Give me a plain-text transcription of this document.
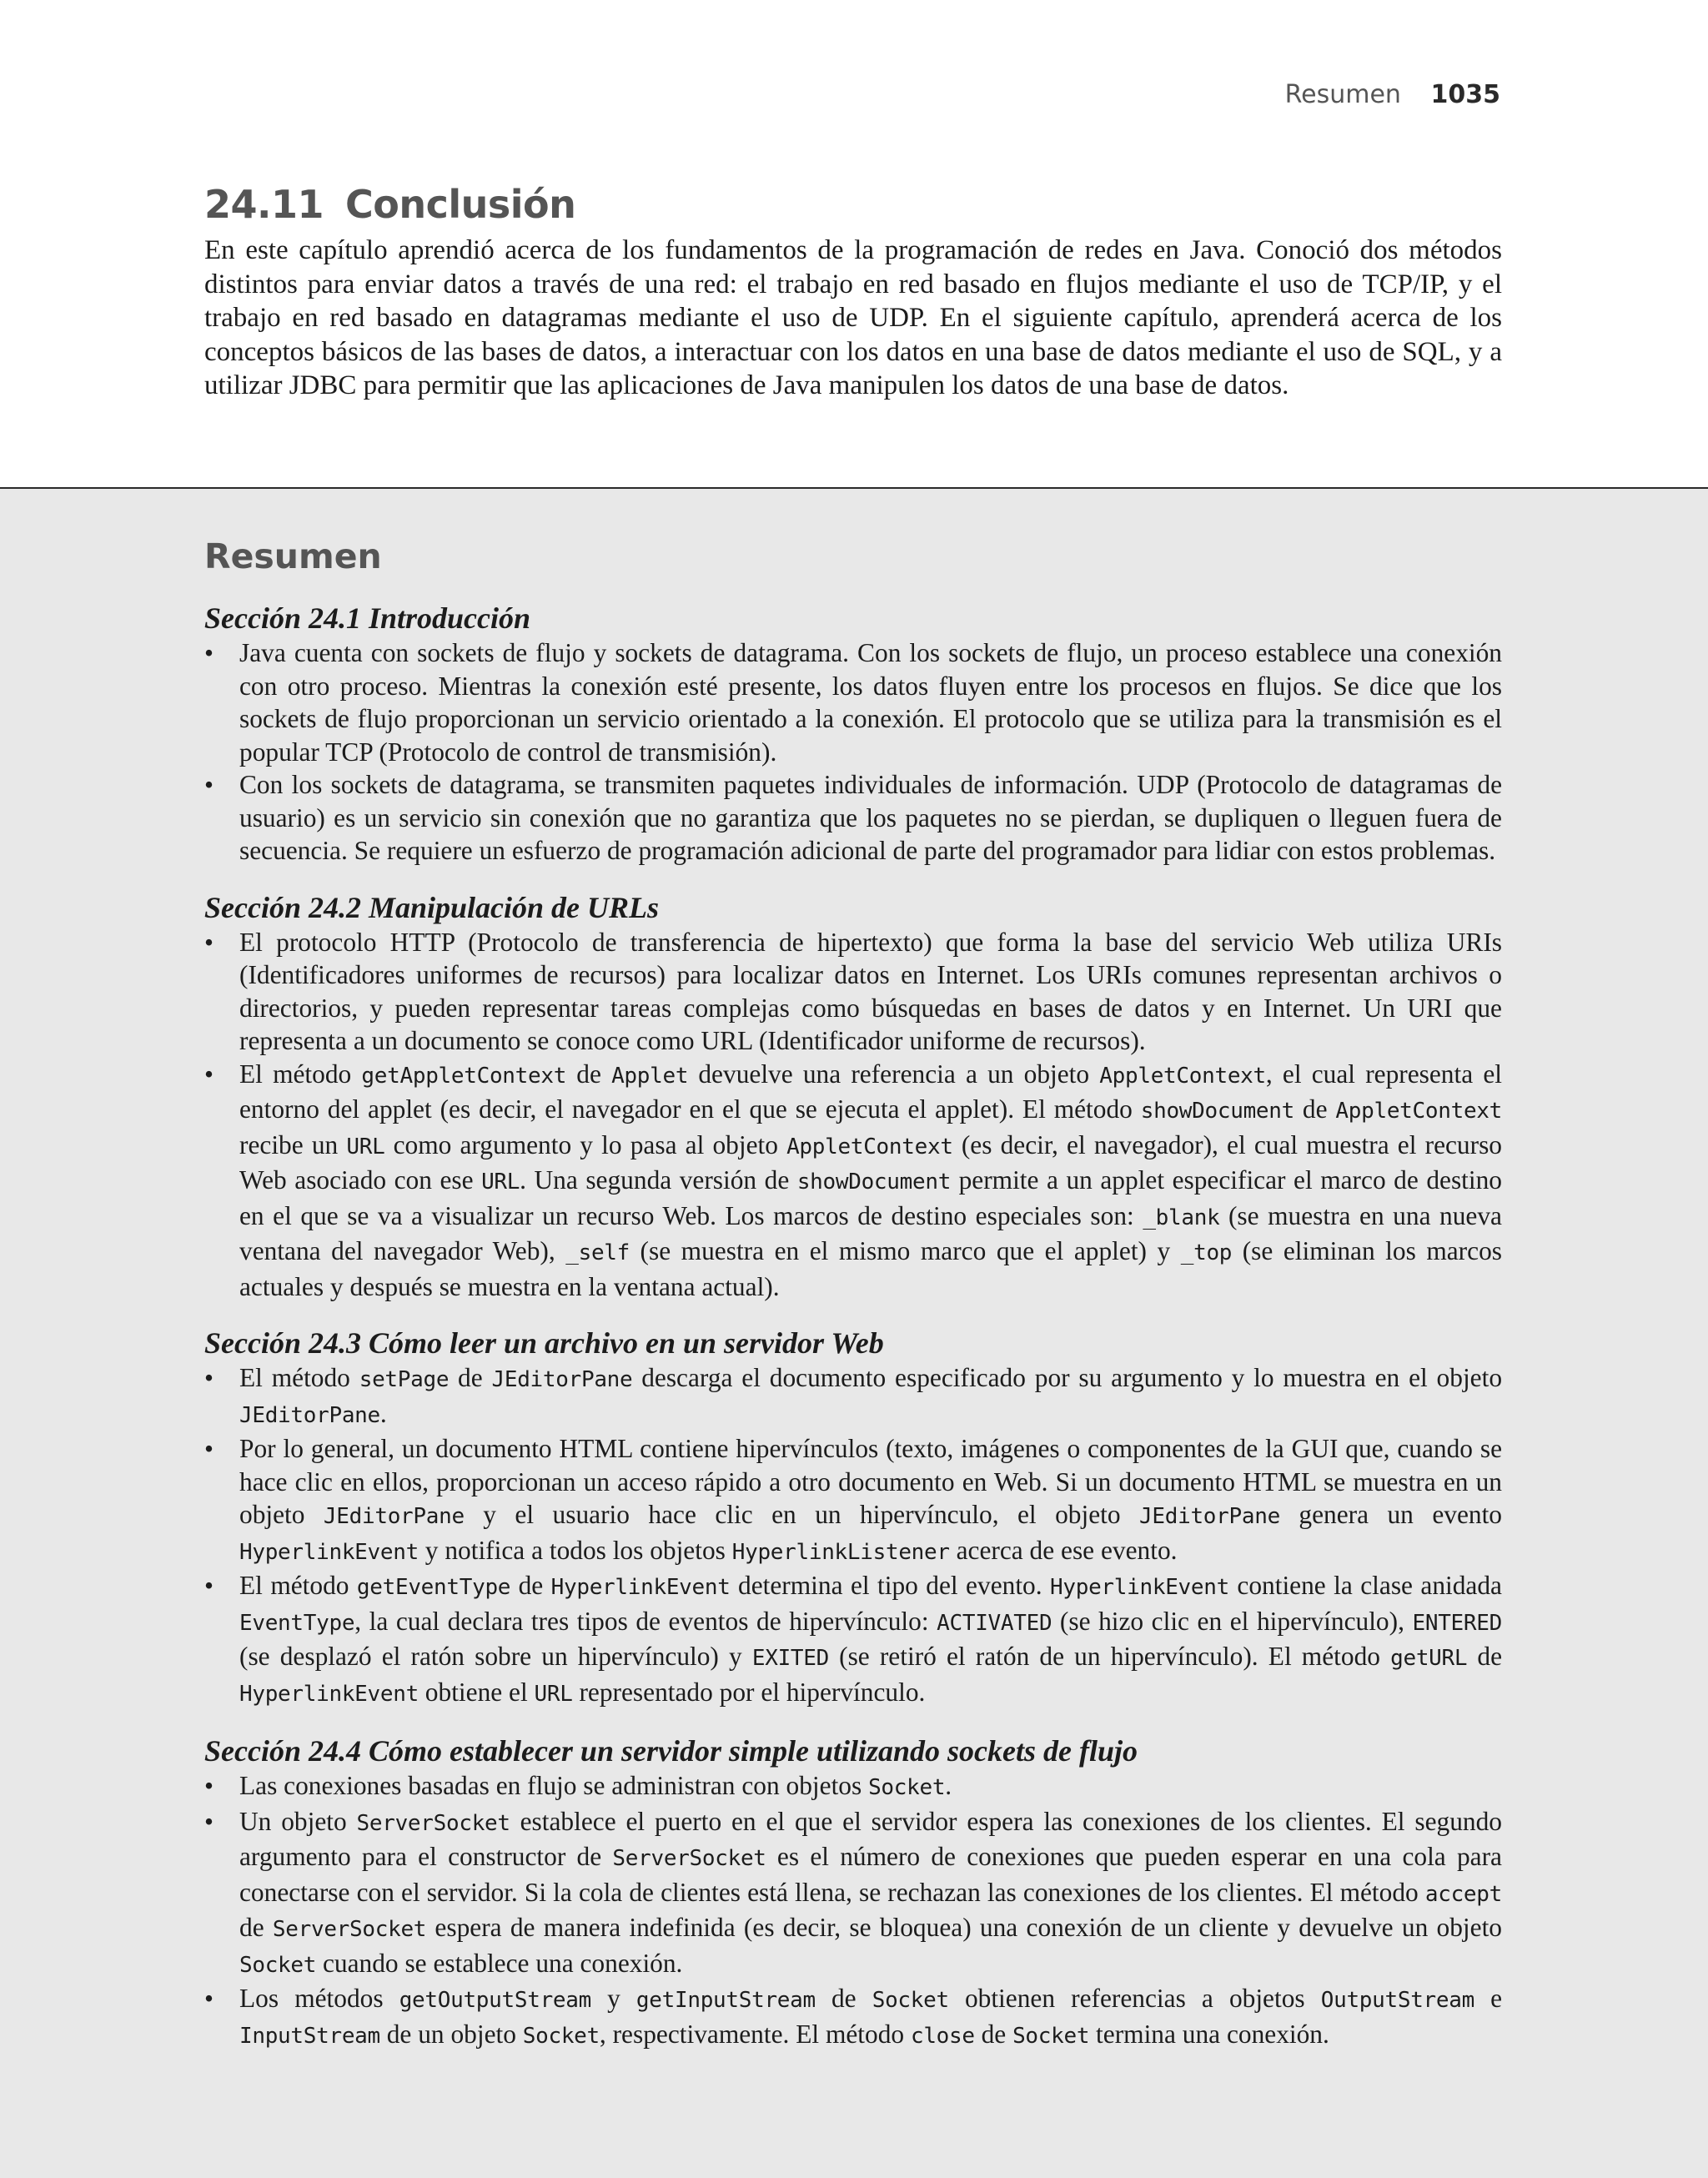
Resumen 1035
24.11 Conclusión

En este capítulo aprendió acerca de los fundamentos de la programación de redes en Java. Conoció dos métodos distintos para enviar datos a través de una red: el trabajo en red basado en flujos mediante el uso de TCP/IP, y el trabajo en red basado en datagramas mediante el uso de UDP. En el siguiente capítulo, aprenderá acerca de los conceptos básicos de las bases de datos, a interactuar con los datos en una base de datos mediante el uso de SQL, y a utilizar JDBC para permitir que las aplicaciones de Java manipulen los datos de una base de datos.

Resumen
Sección 24.1 Introducción
• Java cuenta con sockets de flujo y sockets de datagrama. Con los sockets de flujo, un proceso establece una conexión con otro proceso. Mientras la conexión esté presente, los datos fluyen entre los procesos en flujos. Se dice que los sockets de flujo proporcionan un servicio orientado a la conexión. El protocolo que se utiliza para la transmisión es el popular TCP (Protocolo de control de transmisión).
• Con los sockets de datagrama, se transmiten paquetes individuales de información. UDP (Protocolo de datagramas de usuario) es un servicio sin conexión que no garantiza que los paquetes no se pierdan, se dupliquen o lleguen fuera de secuencia. Se requiere un esfuerzo de programación adicional de parte del programador para lidiar con estos problemas.
Sección 24.2 Manipulación de URLs
• El protocolo HTTP (Protocolo de transferencia de hipertexto) que forma la base del servicio Web utiliza URIs (Identificadores uniformes de recursos) para localizar datos en Internet. Los URIs comunes representan archivos o directorios, y pueden representar tareas complejas como búsquedas en bases de datos y en Internet. Un URI que representa a un documento se conoce como URL (Identificador uniforme de recursos).
• El método getAppletContext de Applet devuelve una referencia a un objeto AppletContext, el cual representa el entorno del applet (es decir, el navegador en el que se ejecuta el applet). El método showDocument de AppletContext recibe un URL como argumento y lo pasa al objeto AppletContext (es decir, el navegador), el cual muestra el recurso Web asociado con ese URL. Una segunda versión de showDocument permite a un applet especificar el marco de destino en el que se va a visualizar un recurso Web. Los marcos de destino especiales son: _blank (se muestra en una nueva ventana del navegador Web), _self (se muestra en el mismo marco que el applet) y _top (se eliminan los marcos actuales y después se muestra en la ventana actual).
Sección 24.3 Cómo leer un archivo en un servidor Web
• El método setPage de JEditorPane descarga el documento especificado por su argumento y lo muestra en el objeto JEditorPane.
• Por lo general, un documento HTML contiene hipervínculos (texto, imágenes o componentes de la GUI que, cuando se hace clic en ellos, proporcionan un acceso rápido a otro documento en Web. Si un documento HTML se muestra en un objeto JEditorPane y el usuario hace clic en un hipervínculo, el objeto JEditorPane genera un evento HyperlinkEvent y notifica a todos los objetos HyperlinkListener acerca de ese evento.
• El método getEventType de HyperlinkEvent determina el tipo del evento. HyperlinkEvent contiene la clase anidada EventType, la cual declara tres tipos de eventos de hipervínculo: ACTIVATED (se hizo clic en el hipervínculo), ENTERED (se desplazó el ratón sobre un hipervínculo) y EXITED (se retiró el ratón de un hipervínculo). El método getURL de HyperlinkEvent obtiene el URL representado por el hipervínculo.
Sección 24.4 Cómo establecer un servidor simple utilizando sockets de flujo
• Las conexiones basadas en flujo se administran con objetos Socket.
• Un objeto ServerSocket establece el puerto en el que el servidor espera las conexiones de los clientes. El segundo argumento para el constructor de ServerSocket es el número de conexiones que pueden esperar en una cola para conectarse con el servidor. Si la cola de clientes está llena, se rechazan las conexiones de los clientes. El método accept de ServerSocket espera de manera indefinida (es decir, se bloquea) una conexión de un cliente y devuelve un objeto Socket cuando se establece una conexión.
• Los métodos getOutputStream y getInputStream de Socket obtienen referencias a objetos OutputStream e InputStream de un objeto Socket, respectivamente. El método close de Socket termina una conexión.
